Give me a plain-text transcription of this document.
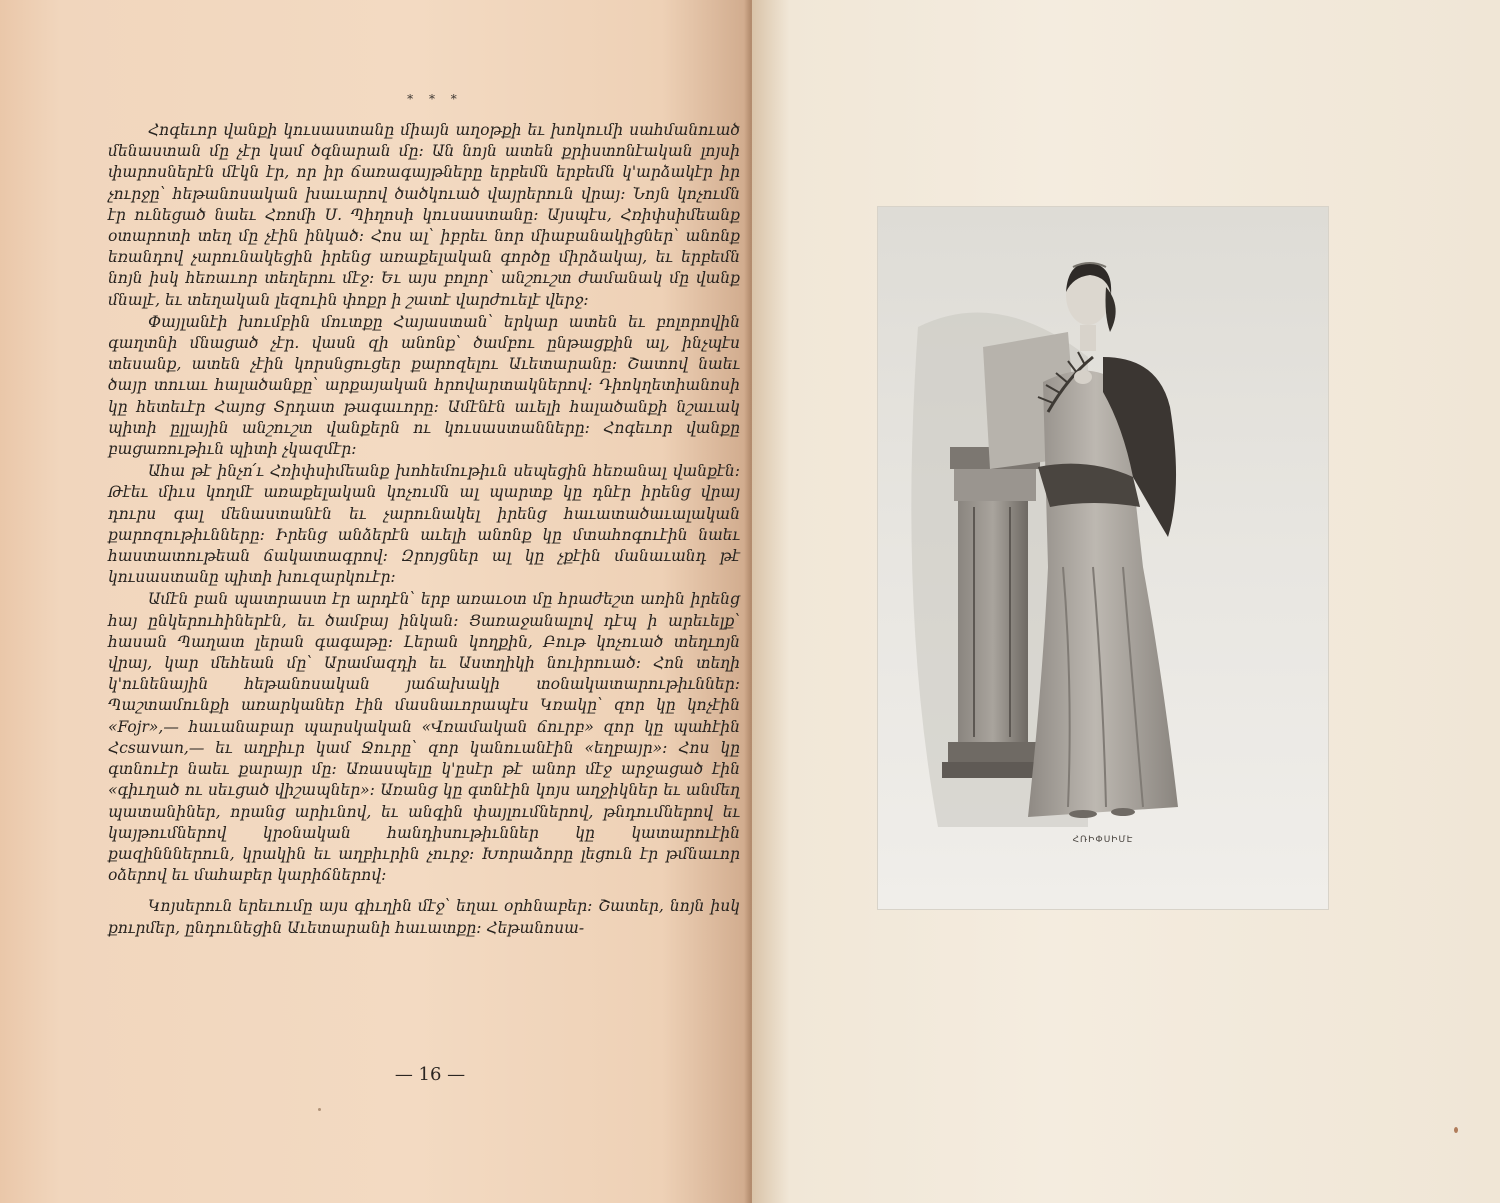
* * *

Հոգեւոր վանքի կուսաստանը միայն աղօթքի եւ խոկումի սահմանուած մենաստան մը չէր կամ ծգնարան մը։ Ան նոյն ատեն քրիստոնէական լոյսի փարոսներէն մէկն էր, որ իր ճառագայթները երբեմն երբեմն կ'արձակէր իր չուրջը՝ հեթանոսական խաւարով ծածկուած վայրերուն վրայ։ Նոյն կոչումն էր ունեցած նաեւ Հռոմի Ս. Պիղոսի կուսաստանը։ Այսպէս, Հռիփսիմեանք օտարոտի տեղ մը չէին ինկած։ Հոս ալ՝ իբրեւ նոր միաբանակիցներ՝ անոնք եռանդով չարունակեցին իրենց առաքելական գործը միրձակայ, եւ երբեմն նոյն իսկ հեռաւոր տեղերու մէջ։ Եւ այս բոլոր՝ անշուշտ ժամանակ մը վանք մնալէ, եւ տեղական լեզուին փոքր ի շատէ վարժուելէ վերջ։

Փայլանէի խումբին մուտքը Հայաստան՝ երկար ատեն եւ բոլորովին գաղտնի մնացած չէր. վասն զի անոնք՝ ծամբու ընթացքին ալ, ինչպէս տեսանք, ատեն չէին կորսնցուցեր քարոզելու Աւետարանը։ Շատով նաեւ ծայր տուաւ հալածանքը՝ արքայական հրովարտակներով։ Դիոկղետիանոսի կը հետեւէր Հայոց Տրդատ թագաւորը։ Ամէնէն աւելի հալածանքի նշաւակ պիտի ըլլային անշուշտ վանքերն ու կուսաստանները։ Հոգեւոր վանքը բացառութիւն պիտի չկազմէր։

Ահա թէ ինչո՛ւ Հռիփսիմեանք խոհեմութիւն սեպեցին հեռանալ վանքէն։ Թէեւ միւս կողմէ առաքելական կոչումն ալ պարտք կը դնէր իրենց վրայ դուրս գալ մենաստանէն եւ չարունակել իրենց հաւատածաւալական քարոզութիւնները։ Իրենց անձերէն աւելի անոնք կը մտահոգուէին նաեւ հաստատութեան ճակատագրով։ Զրոյցներ ալ կը չքէին մանաւանդ թէ կուսաստանը պիտի խուզարկուէր։

Ամէն բան պատրաստ էր արդէն՝ երբ առաւօտ մը հրաժեշտ առին իրենց հայ ընկերուհիներէն, եւ ծամբայ ինկան։ Ցառաջանալով դէպ ի արեւելք՝ հասան Պաղատ լերան գագաթը։ Լերան կողքին, Բութ կոչուած տեղւոյն վրայ, կար մեհեան մը՝ Արամազդի եւ Աստղիկի նուիրուած։ Հոն տեղի կ'ունենային հեթանոսական յաճախակի տօնակատարութիւններ։ Պաշտամունքի առարկաներ էին մասնաւորապէս Կռակը՝ զոր կը կոչէին «Fojr»,— հաւանաբար պարսկական «Վռամական ճուրբ» զոր կը պահէին Հcsաvաn,— եւ աղբիւր կամ Ջուրը՝ զոր կանուանէին «եղբայր»։ Հոս կը գտնուէր նաեւ քարայր մը։ Առասպելը կ'ըսէր թէ անոր մէջ արջացած էին «գիւղած ու սեւցած վիշապներ»։ Առանց կը գտնէին կոյս աղջիկներ եւ անմեղ պատանիներ, որանց արիւնով, եւ անգին փայլումներով, թնդումներով եւ կայթումներով կրօնական հանդիսութիւններ կը կատարուէին քազինններուն, կրակին եւ աղբիւրին չուրջ։ Խորաձորը լեցուն էր թմնաւոր օձերով եւ մահաբեր կարիճներով։

Կոյսերուն երեւումը այս գիւղին մէջ՝ եղաւ օրհնաբեր։ Շատեր, նոյն իսկ քուրմեր, ընդունեցին Աւետարանի հաւատքը։ Հեթանոսա-

— 16 —
ՀՌԻՓՍԻՄԷ
